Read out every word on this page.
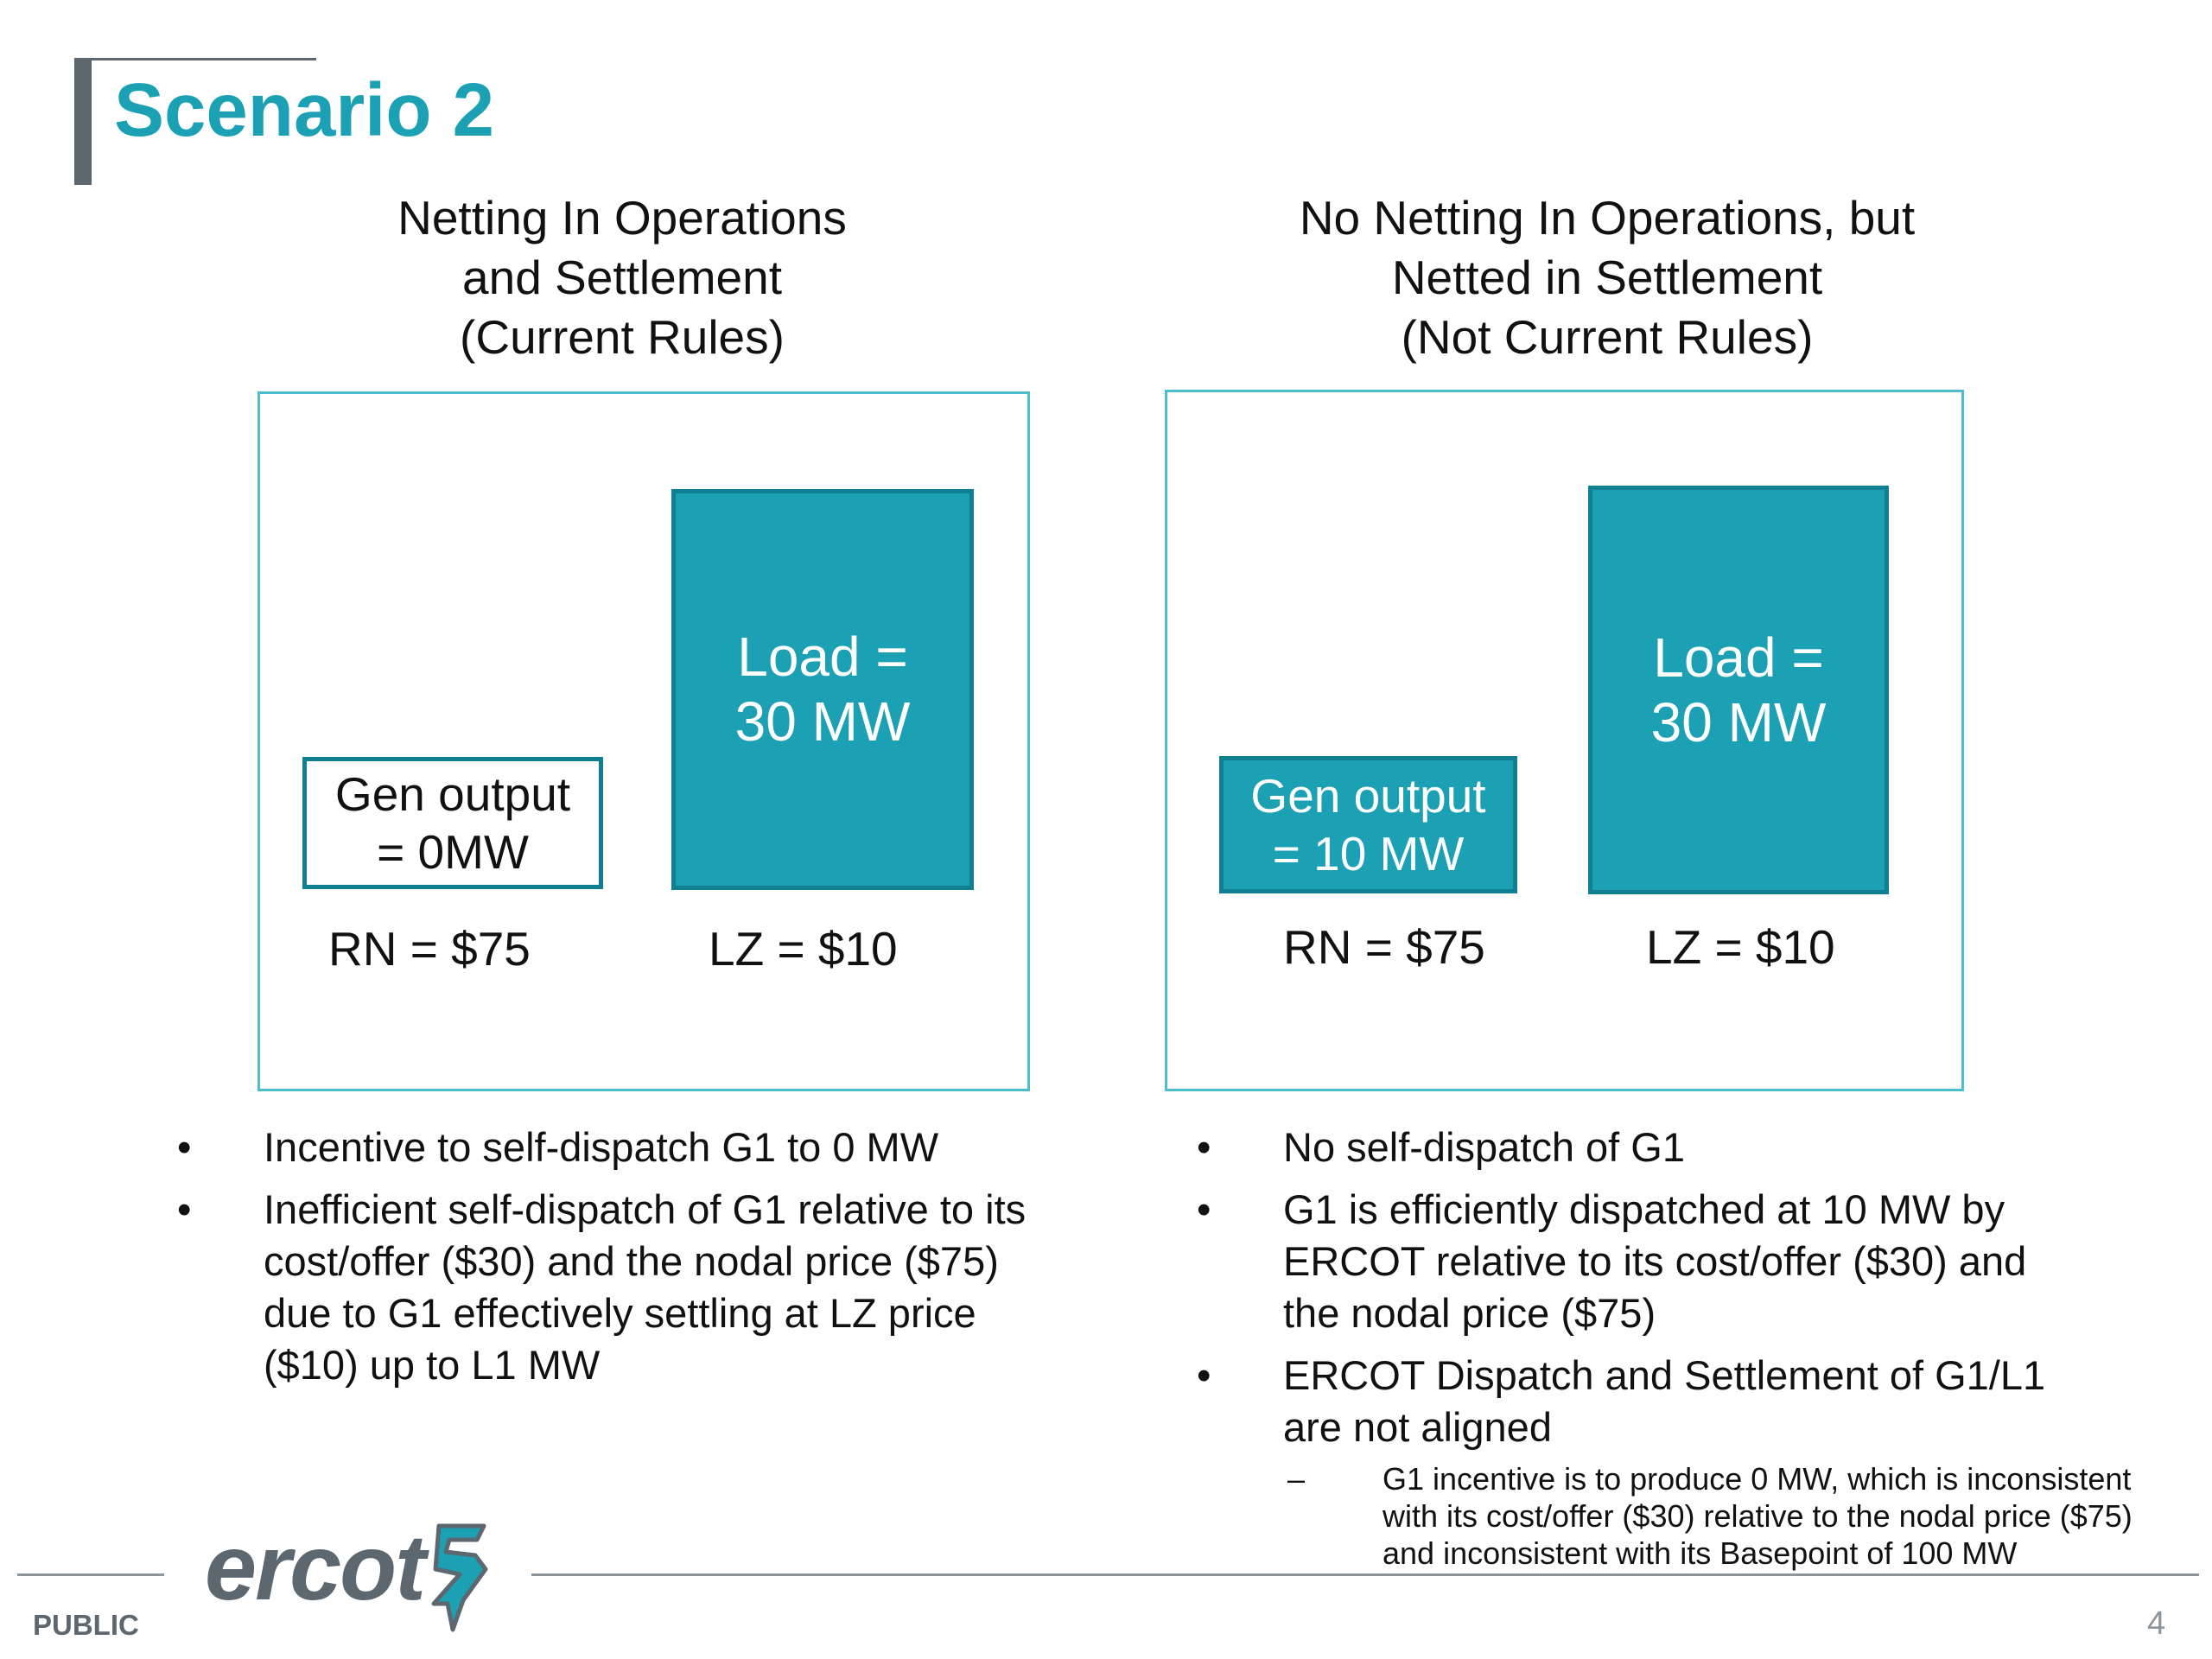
Scenario 2
Netting In Operations
and Settlement
(Current Rules)
No Netting In Operations, but
Netted in Settlement
(Not Current Rules)
Gen output
= 0MW
Load =
30 MW
RN = $75	LZ = $10
Gen output
= 10 MW
Load =
30 MW
RN = $75	LZ = $10
• Incentive to self-dispatch G1 to 0 MW
• Inefficient self-dispatch of G1 relative to its
cost/offer ($30) and the nodal price ($75)
due to G1 effectively settling at LZ price
($10) up to L1 MW
• No self-dispatch of G1
• G1 is efficiently dispatched at 10 MW by
ERCOT relative to its cost/offer ($30) and
the nodal price ($75)
• ERCOT Dispatch and Settlement of G1/L1
are not aligned
– G1 incentive is to produce 0 MW, which is inconsistent
with its cost/offer ($30) relative to the nodal price ($75)
and inconsistent with its Basepoint of 100 MW
ercot
PUBLIC	4
